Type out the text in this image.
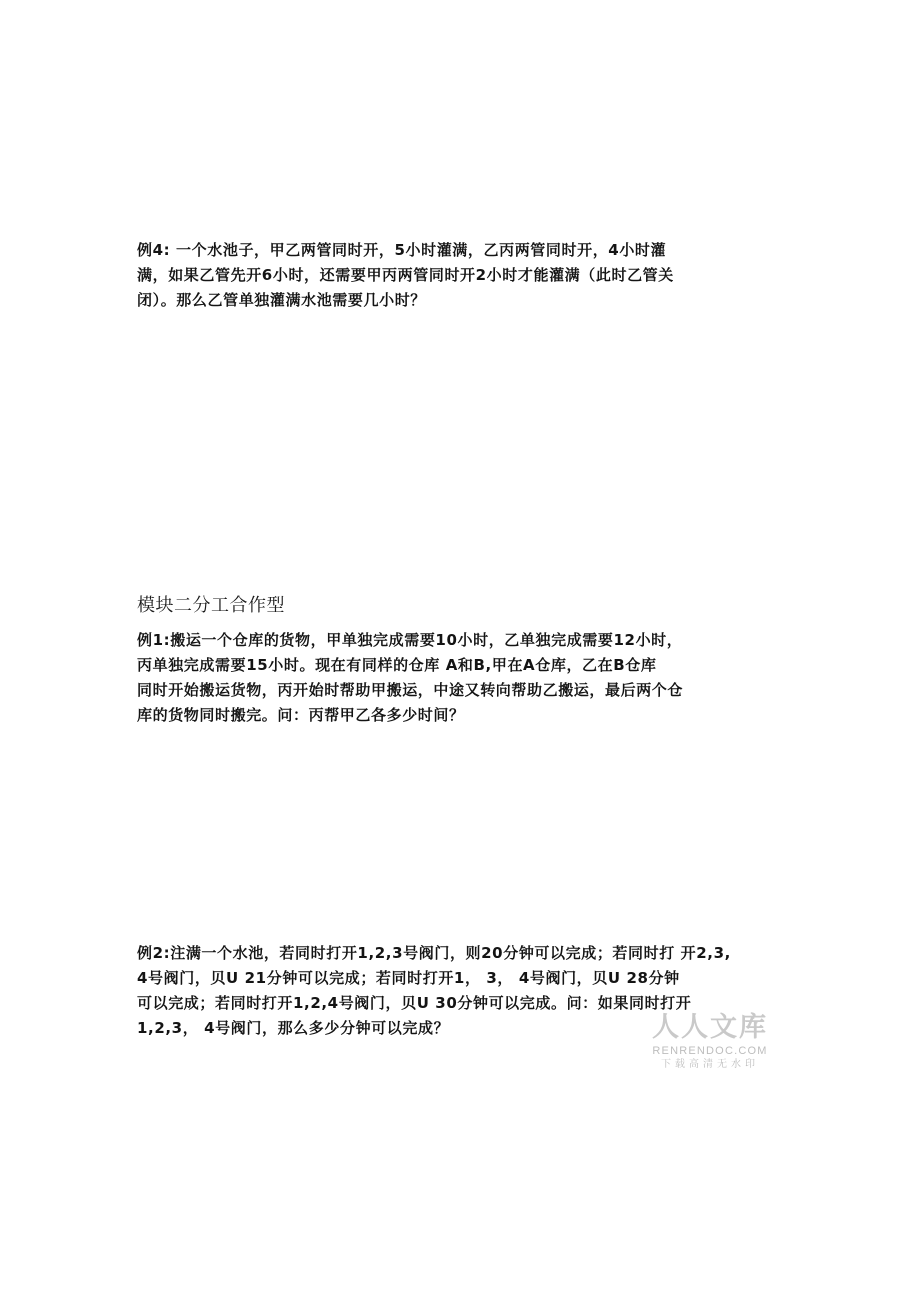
例4: 一个水池子，甲乙两管同时开，5小时灌满，乙丙两管同时开，4小时灌
满，如果乙管先开6小时，还需要甲丙两管同时开2小时才能灌满（此时乙管关
闭）。那么乙管单独灌满水池需要几小时？
模块二分工合作型
例1:搬运一个仓库的货物，甲单独完成需要10小时，乙单独完成需要12小时，
丙单独完成需要15小时。现在有同样的仓库 A和B,甲在A仓库，乙在B仓库
同时开始搬运货物，丙开始时帮助甲搬运，中途又转向帮助乙搬运，最后两个仓
库的货物同时搬完。问：丙帮甲乙各多少时间？
例2:注满一个水池，若同时打开1,2,3号阀门，则20分钟可以完成；若同时打 开2,3,
4号阀门，贝U 21分钟可以完成；若同时打开1， 3， 4号阀门，贝U 28分钟
可以完成；若同时打开1,2,4号阀门，贝U 30分钟可以完成。问：如果同时打开
1,2,3， 4号阀门，那么多少分钟可以完成？	人人文库
RENRENDOC.COM
下载高清无水印
